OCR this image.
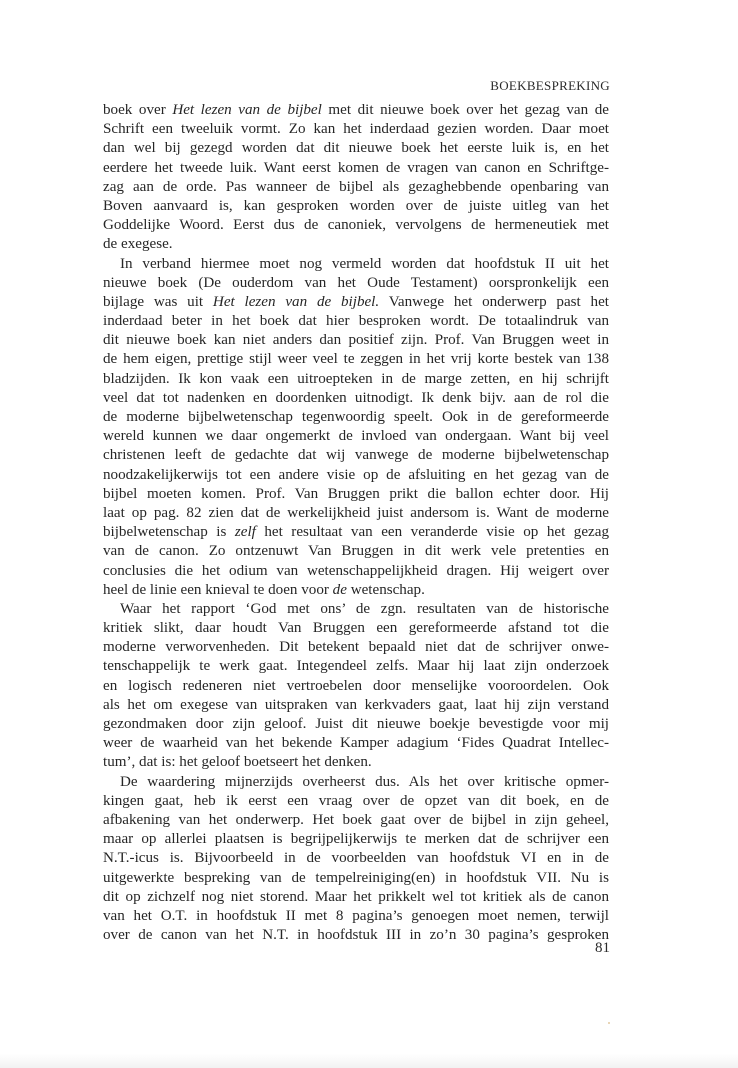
BOEKBESPREKING
boek over Het lezen van de bijbel met dit nieuwe boek over het gezag van de
Schrift een tweeluik vormt. Zo kan het inderdaad gezien worden. Daar moet
dan wel bij gezegd worden dat dit nieuwe boek het eerste luik is, en het
eerdere het tweede luik. Want eerst komen de vragen van canon en Schriftge-
zag aan de orde. Pas wanneer de bijbel als gezaghebbende openbaring van
Boven aanvaard is, kan gesproken worden over de juiste uitleg van het
Goddelijke Woord. Eerst dus de canoniek, vervolgens de hermeneutiek met
de exegese.
In verband hiermee moet nog vermeld worden dat hoofdstuk II uit het
nieuwe boek (De ouderdom van het Oude Testament) oorspronkelijk een
bijlage was uit Het lezen van de bijbel. Vanwege het onderwerp past het
inderdaad beter in het boek dat hier besproken wordt. De totaalindruk van
dit nieuwe boek kan niet anders dan positief zijn. Prof. Van Bruggen weet in
de hem eigen, prettige stijl weer veel te zeggen in het vrij korte bestek van 138
bladzijden. Ik kon vaak een uitroepteken in de marge zetten, en hij schrijft
veel dat tot nadenken en doordenken uitnodigt. Ik denk bijv. aan de rol die
de moderne bijbelwetenschap tegenwoordig speelt. Ook in de gereformeerde
wereld kunnen we daar ongemerkt de invloed van ondergaan. Want bij veel
christenen leeft de gedachte dat wij vanwege de moderne bijbelwetenschap
noodzakelijkerwijs tot een andere visie op de afsluiting en het gezag van de
bijbel moeten komen. Prof. Van Bruggen prikt die ballon echter door. Hij
laat op pag. 82 zien dat de werkelijkheid juist andersom is. Want de moderne
bijbelwetenschap is zelf het resultaat van een veranderde visie op het gezag
van de canon. Zo ontzenuwt Van Bruggen in dit werk vele pretenties en
conclusies die het odium van wetenschappelijkheid dragen. Hij weigert over
heel de linie een knieval te doen voor de wetenschap.
Waar het rapport ‘God met ons’ de zgn. resultaten van de historische
kritiek slikt, daar houdt Van Bruggen een gereformeerde afstand tot die
moderne verworvenheden. Dit betekent bepaald niet dat de schrijver onwe-
tenschappelijk te werk gaat. Integendeel zelfs. Maar hij laat zijn onderzoek
en logisch redeneren niet vertroebelen door menselijke vooroordelen. Ook
als het om exegese van uitspraken van kerkvaders gaat, laat hij zijn verstand
gezondmaken door zijn geloof. Juist dit nieuwe boekje bevestigde voor mij
weer de waarheid van het bekende Kamper adagium ‘Fides Quadrat Intellec-
tum’, dat is: het geloof boetseert het denken.
De waardering mijnerzijds overheerst dus. Als het over kritische opmer-
kingen gaat, heb ik eerst een vraag over de opzet van dit boek, en de
afbakening van het onderwerp. Het boek gaat over de bijbel in zijn geheel,
maar op allerlei plaatsen is begrijpelijkerwijs te merken dat de schrijver een
N.T.-icus is. Bijvoorbeeld in de voorbeelden van hoofdstuk VI en in de
uitgewerkte bespreking van de tempelreiniging(en) in hoofdstuk VII. Nu is
dit op zichzelf nog niet storend. Maar het prikkelt wel tot kritiek als de canon
van het O.T. in hoofdstuk II met 8 pagina’s genoegen moet nemen, terwijl
over de canon van het N.T. in hoofdstuk III in zo’n 30 pagina’s gesproken
81
